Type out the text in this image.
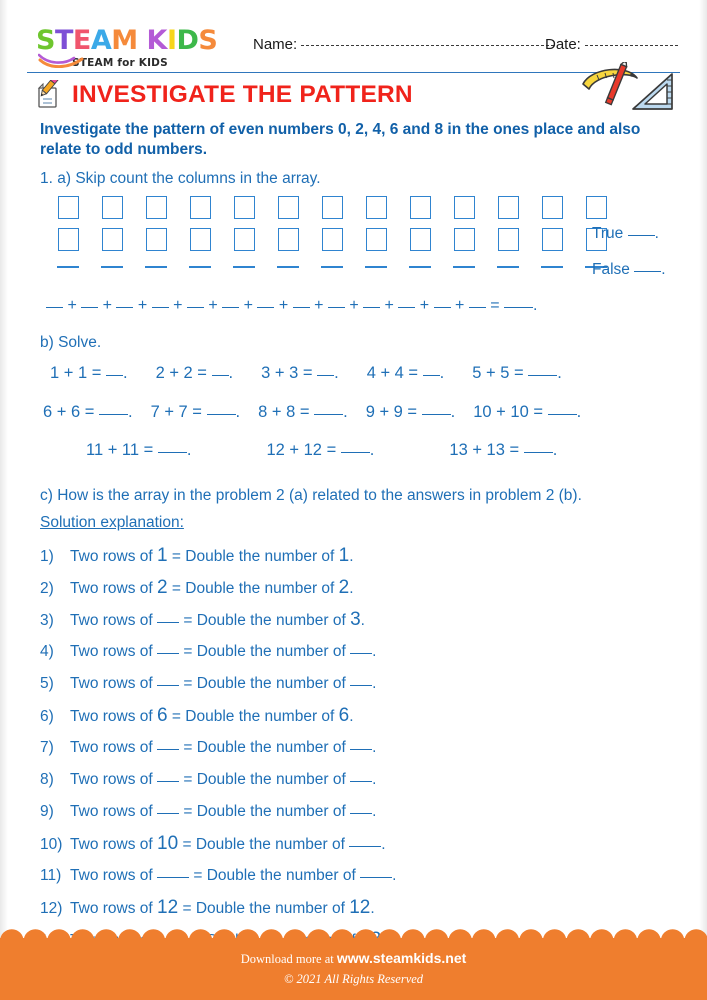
STEAM KIDS
STEAM for KIDS
Name:	Date:
INVESTIGATE THE PATTERN
Investigate the pattern of even numbers 0, 2, 4, 6 and 8 in the ones place and also relate to odd numbers.
1. a) Skip count the columns in the array.
True .
False .
+  +  +  +  +  +  +  +  +  +  +  +  = .
b) Solve.
1 + 1 = . 2 + 2 = . 3 + 3 = . 4 + 4 = . 5 + 5 = .
6 + 6 = . 7 + 7 = . 8 + 8 = . 9 + 9 = . 10 + 10 = .
11 + 11 = .	12 + 12 = .	13 + 13 = .
c) How is the array in the problem 2 (a) related to the answers in problem 2 (b).
Solution explanation:
1) Two rows of 1 = Double the number of 1.
2) Two rows of 2 = Double the number of 2.
3) Two rows of  = Double the number of 3.
4) Two rows of  = Double the number of .
5) Two rows of  = Double the number of .
6) Two rows of 6 = Double the number of 6.
7) Two rows of  = Double the number of .
8) Two rows of  = Double the number of .
9) Two rows of  = Double the number of .
10) Two rows of 10 = Double the number of .
11) Two rows of  = Double the number of .
12) Two rows of 12 = Double the number of 12.
Download more at www.steamkids.net
© 2021 All Rights Reserved
